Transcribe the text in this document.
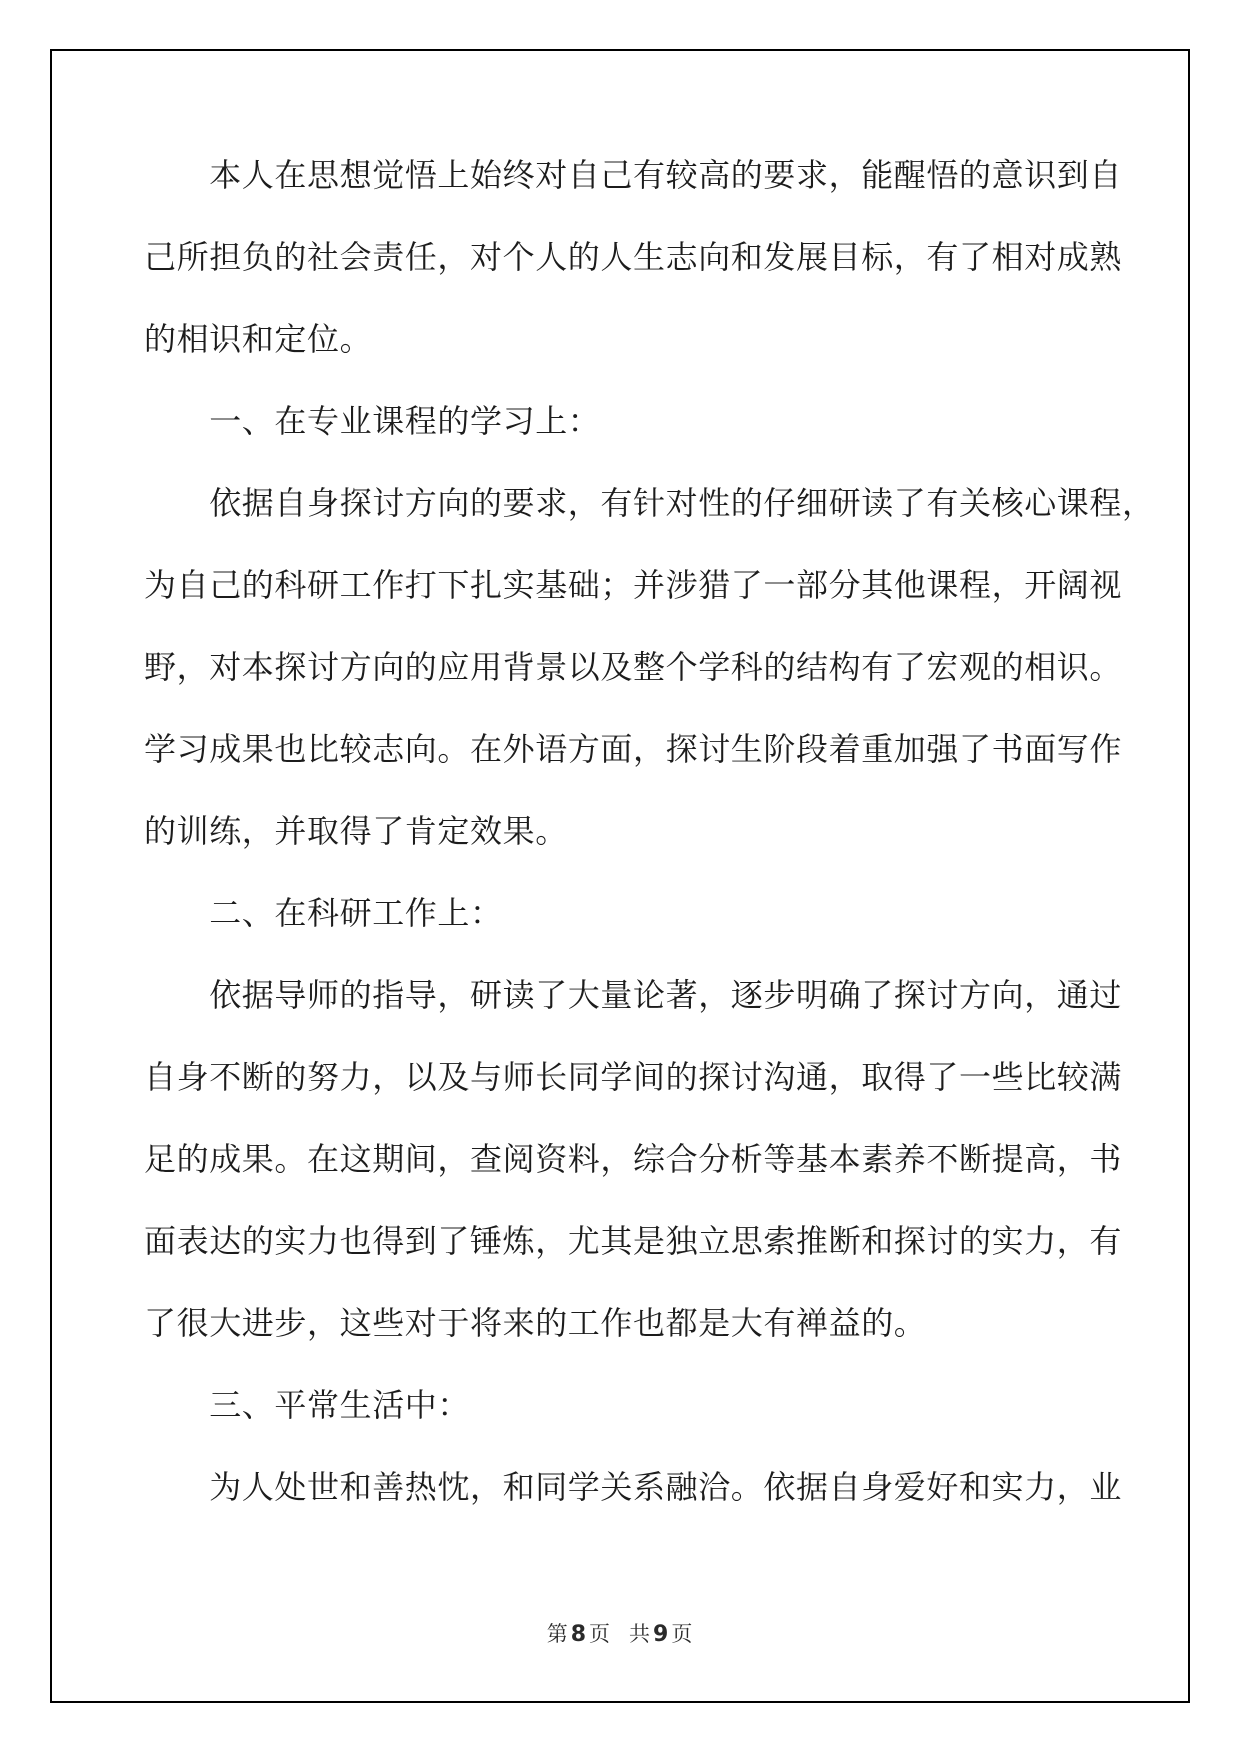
　　本人在思想觉悟上始终对自己有较高的要求，能醒悟的意识到自
己所担负的社会责任，对个人的人生志向和发展目标，有了相对成熟
的相识和定位。
　　一、在专业课程的学习上：
　　依据自身探讨方向的要求，有针对性的仔细研读了有关核心课程，
为自己的科研工作打下扎实基础；并涉猎了一部分其他课程，开阔视
野，对本探讨方向的应用背景以及整个学科的结构有了宏观的相识。
学习成果也比较志向。在外语方面，探讨生阶段着重加强了书面写作
的训练，并取得了肯定效果。
　　二、在科研工作上：
　　依据导师的指导，研读了大量论著，逐步明确了探讨方向，通过
自身不断的努力，以及与师长同学间的探讨沟通，取得了一些比较满
足的成果。在这期间，查阅资料，综合分析等基本素养不断提高，书
面表达的实力也得到了锤炼，尤其是独立思索推断和探讨的实力，有
了很大进步，这些对于将来的工作也都是大有褝益的。
　　三、平常生活中：
　　为人处世和善热忱，和同学关系融洽。依据自身爱好和实力，业
第8页 共9页
